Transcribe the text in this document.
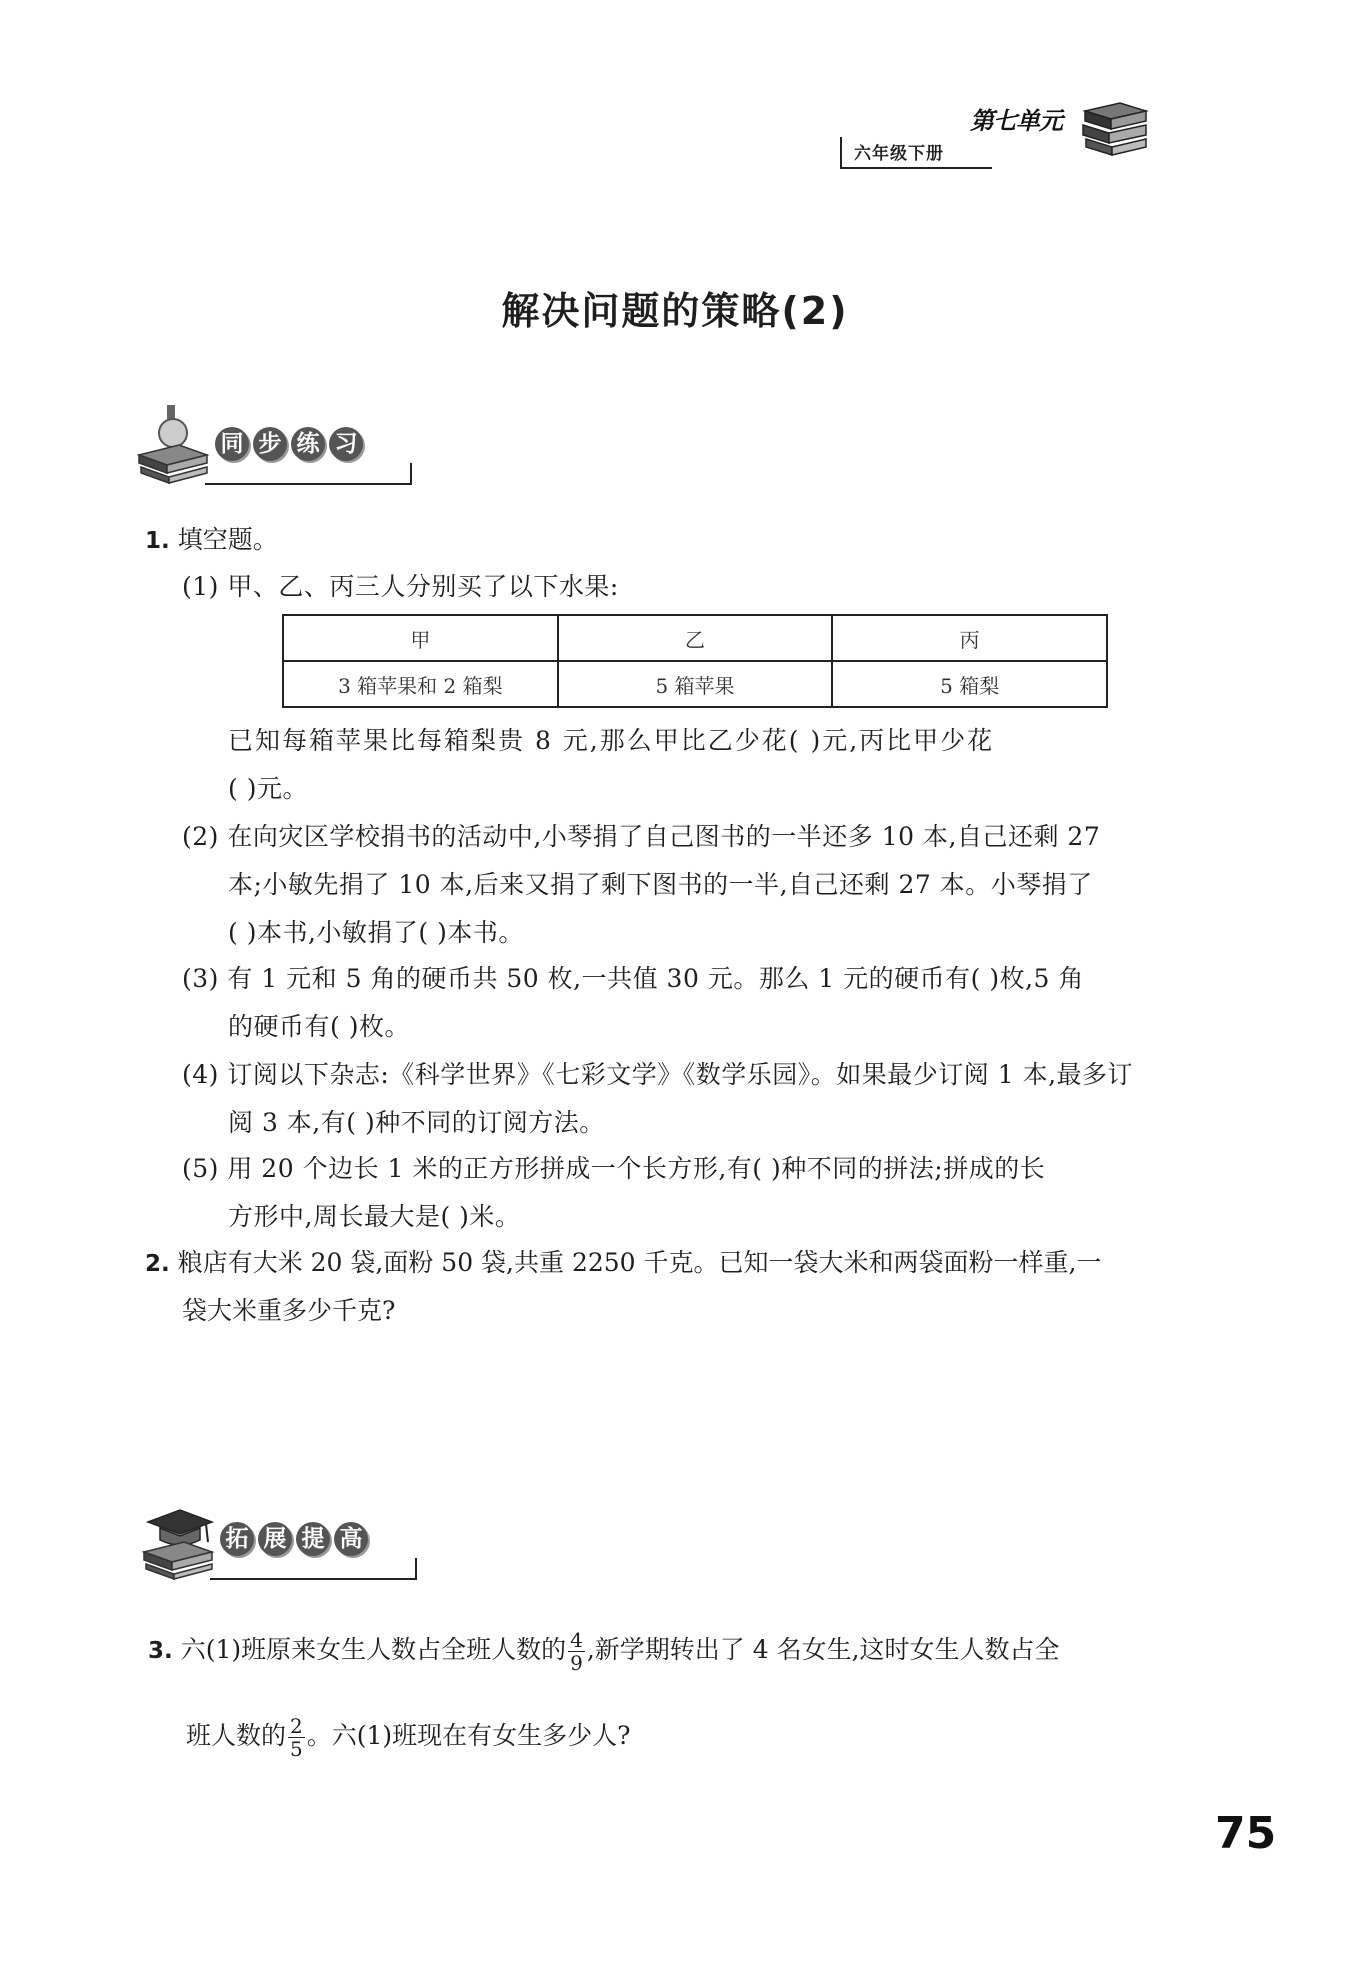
六年级下册
第七单元
解决问题的策略(2)
同 步 练 习
1. 填空题。
(1) 甲、乙、丙三人分别买了以下水果:
甲	乙	丙
3 箱苹果和 2 箱梨	5 箱苹果	5 箱梨
已知每箱苹果比每箱梨贵 8 元,那么甲比乙少花( )元,丙比甲少花
( )元。
(2) 在向灾区学校捐书的活动中,小琴捐了自己图书的一半还多 10 本,自己还剩 27
本;小敏先捐了 10 本,后来又捐了剩下图书的一半,自己还剩 27 本。小琴捐了
( )本书,小敏捐了( )本书。
(3) 有 1 元和 5 角的硬币共 50 枚,一共值 30 元。那么 1 元的硬币有( )枚,5 角
的硬币有( )枚。
(4) 订阅以下杂志:《科学世界》《七彩文学》《数学乐园》。如果最少订阅 1 本,最多订
阅 3 本,有( )种不同的订阅方法。
(5) 用 20 个边长 1 米的正方形拼成一个长方形,有( )种不同的拼法;拼成的长
方形中,周长最大是( )米。
2. 粮店有大米 20 袋,面粉 50 袋,共重 2250 千克。已知一袋大米和两袋面粉一样重,一
袋大米重多少千克?
拓 展 提 高
3. 六(1)班原来女生人数占全班人数的 $\frac{4}{9}$ ,新学期转出了 4 名女生,这时女生人数占全
班人数的 $\frac{2}{5}$ 。六(1)班现在有女生多少人?
75
